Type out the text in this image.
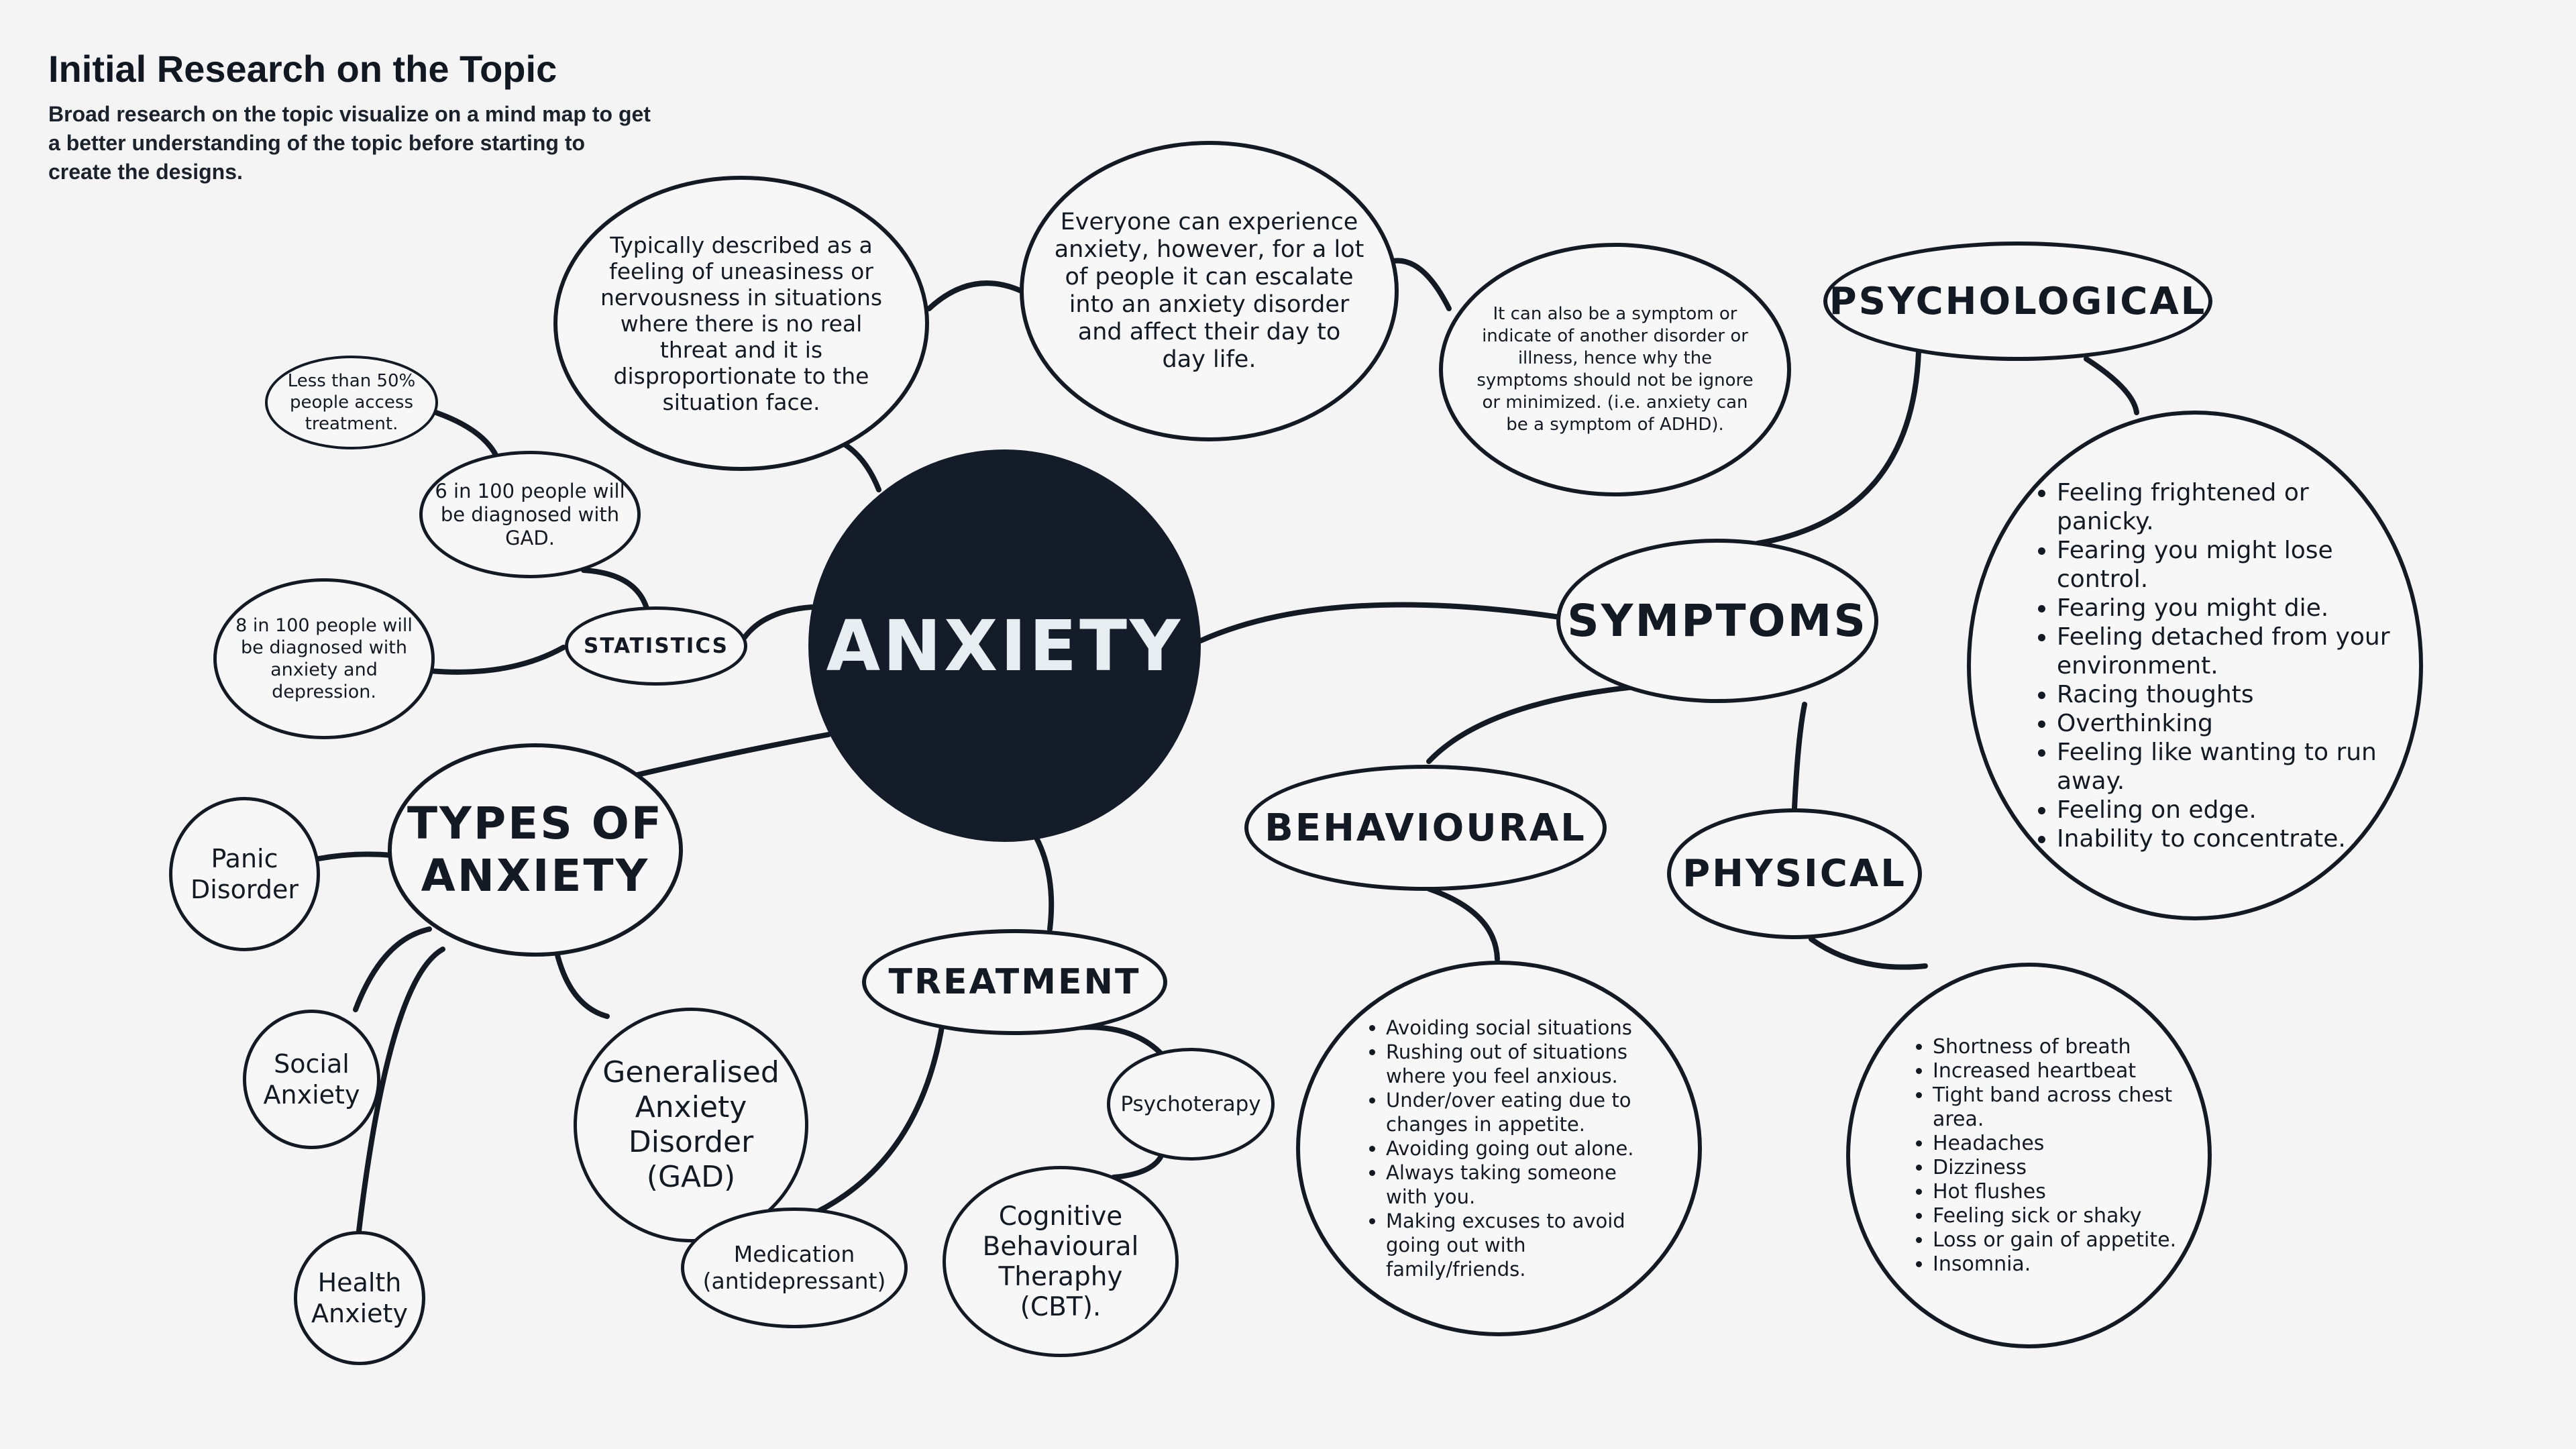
Initial Research on the Topic

Broad research on the topic visualize on a mind map to get a better understanding of the topic before starting to create the designs.

ANXIETY
Typically described as a feeling of uneasiness or nervousness in situations where there is no real threat and it is disproportionate to the situation face.
Everyone can experience anxiety, however, for a lot of people it can escalate into an anxiety disorder and affect their day to day life.
It can also be a symptom or indicate of another disorder or illness, hence why the symptoms should not be ignore or minimized. (i.e. anxiety can be a symptom of ADHD).
STATISTICS
Less than 50% people access treatment.
6 in 100 people will be diagnosed with GAD.
8 in 100 people will be diagnosed with anxiety and depression.
TYPES OF
ANXIETY
Panic
Disorder
Social
Anxiety
Health
Anxiety
Generalised
Anxiety
Disorder
(GAD)
TREATMENT
Medication
(antidepressant)
Psychoterapy
Cognitive
Behavioural
Theraphy (CBT).
SYMPTOMS
PSYCHOLOGICAL
BEHAVIOURAL
PHYSICAL
• Feeling frightened or panicky.
• Fearing you might lose control.
• Fearing you might die.
• Feeling detached from your environment.
• Racing thoughts
• Overthinking
• Feeling like wanting to run away.
• Feeling on edge.
• Inability to concentrate.
• Avoiding social situations
• Rushing out of situations where you feel anxious.
• Under/over eating due to changes in appetite.
• Avoiding going out alone.
• Always taking someone with you.
• Making excuses to avoid going out with family/friends.
• Shortness of breath
• Increased heartbeat
• Tight band across chest area.
• Headaches
• Dizziness
• Hot flushes
• Feeling sick or shaky
• Loss or gain of appetite.
• Insomnia.
